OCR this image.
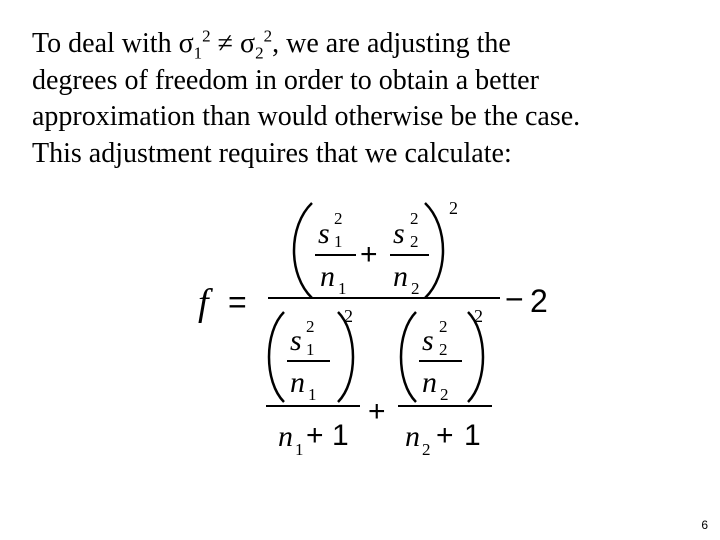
To deal with $\sigma_1^2 \ne \sigma_2^2$, we are adjusting the
degrees of freedom in order to obtain a better
approximation than would otherwise be the case.
This adjustment requires that we calculate:
f =
2
s 2
1
n 1
+
s 2
2
n 2	− 2
2
s 2
1
n 1
n 1 + 1
+
2
s 2
2
n 2
n 2 + 1
6
